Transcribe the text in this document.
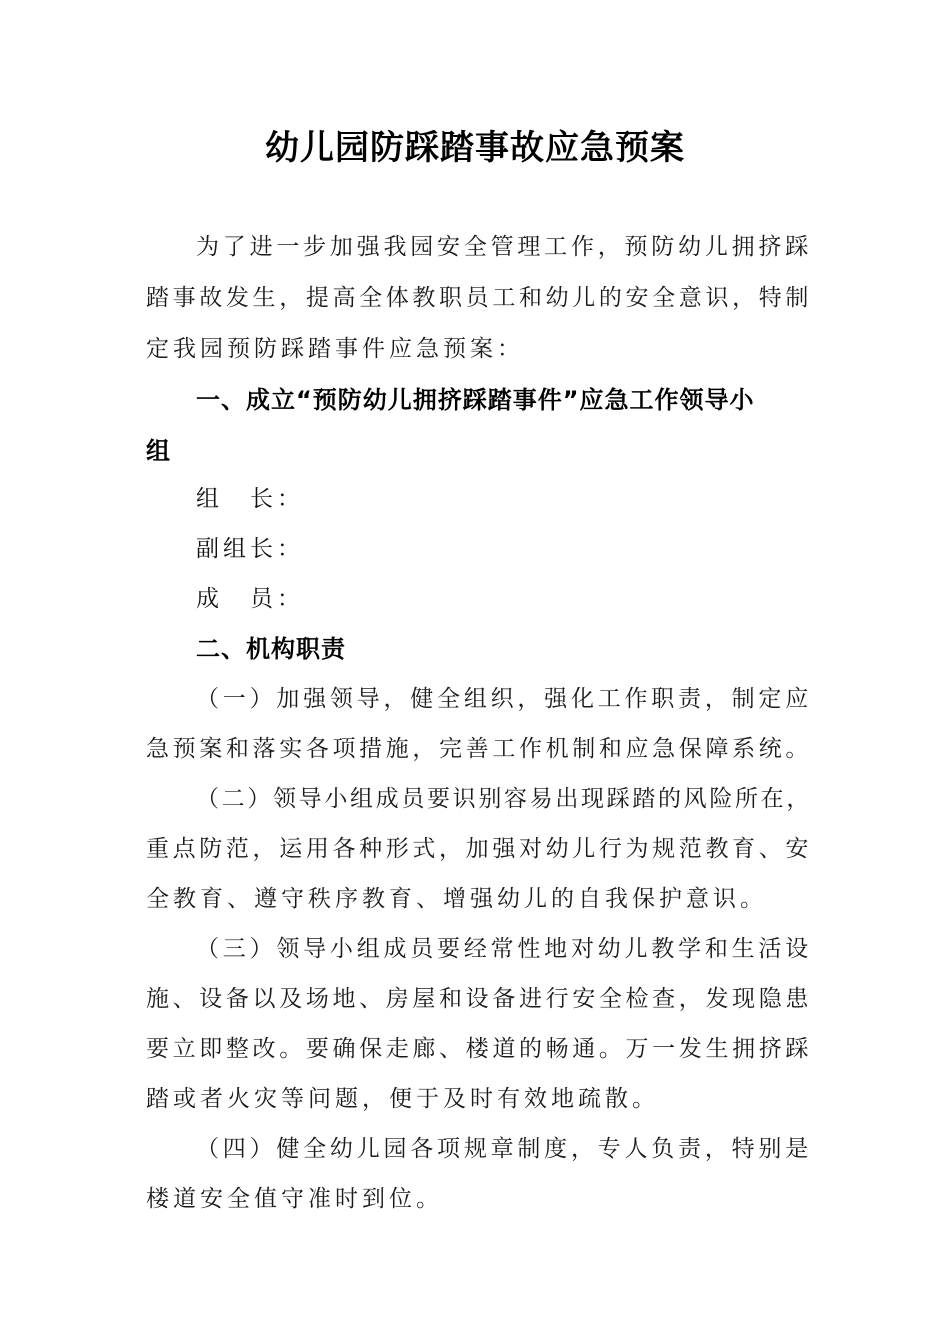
幼儿园防踩踏事故应急预案
为了进一步加强我园安全管理工作，预防幼儿拥挤踩
踏事故发生，提高全体教职员工和幼儿的安全意识，特制
定我园预防踩踏事件应急预案：
一、成立“预防幼儿拥挤踩踏事件”应急工作领导小
组
组　长：
副组长：
成　员：
二、机构职责
（一）加强领导，健全组织，强化工作职责，制定应
急预案和落实各项措施，完善工作机制和应急保障系统。
（二）领导小组成员要识别容易出现踩踏的风险所在，
重点防范，运用各种形式，加强对幼儿行为规范教育、安
全教育、遵守秩序教育、增强幼儿的自我保护意识。
（三）领导小组成员要经常性地对幼儿教学和生活设
施、设备以及场地、房屋和设备进行安全检查，发现隐患
要立即整改。要确保走廊、楼道的畅通。万一发生拥挤踩
踏或者火灾等问题，便于及时有效地疏散。
（四）健全幼儿园各项规章制度，专人负责，特别是
楼道安全值守准时到位。
